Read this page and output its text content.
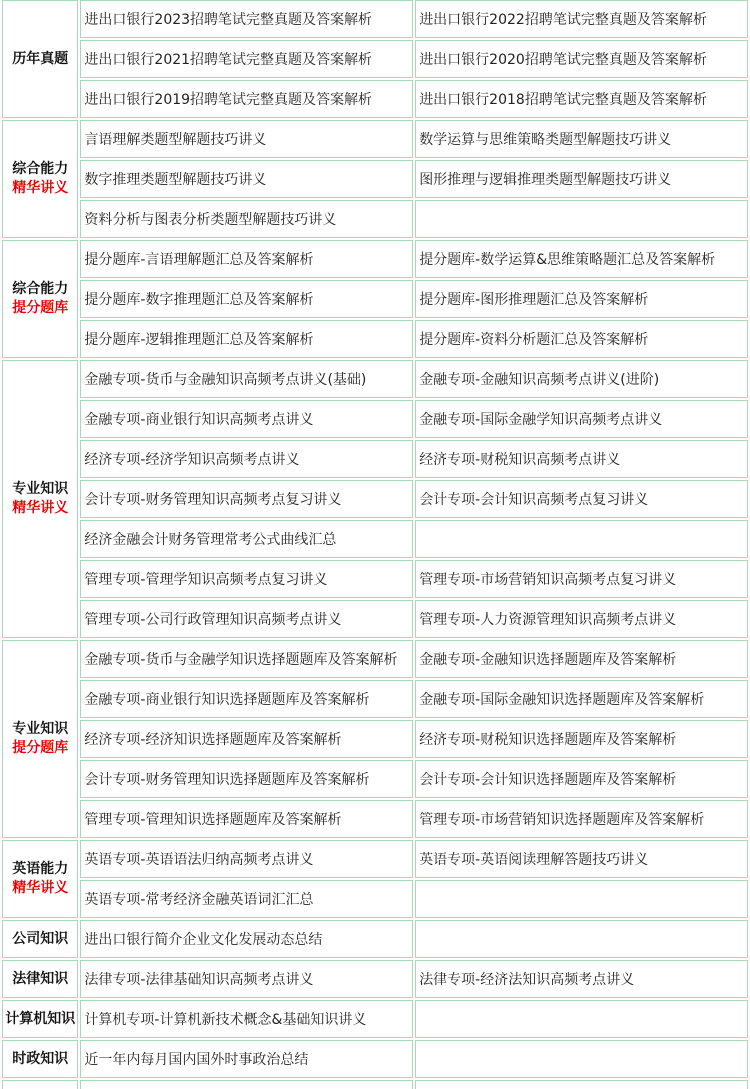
历年真题	进出口银行2023招聘笔试完整真题及答案解析	进出口银行2022招聘笔试完整真题及答案解析
	进出口银行2021招聘笔试完整真题及答案解析	进出口银行2020招聘笔试完整真题及答案解析
	进出口银行2019招聘笔试完整真题及答案解析	进出口银行2018招聘笔试完整真题及答案解析

综合能力
精华讲义	言语理解类题型解题技巧讲义	数学运算与思维策略类题型解题技巧讲义
	数字推理类题型解题技巧讲义	图形推理与逻辑推理类题型解题技巧讲义
	资料分析与图表分析类题型解题技巧讲义	

综合能力
提分题库	提分题库-言语理解题汇总及答案解析	提分题库-数学运算&思维策略题汇总及答案解析
	提分题库-数字推理题汇总及答案解析	提分题库-图形推理题汇总及答案解析
	提分题库-逻辑推理题汇总及答案解析	提分题库-资料分析题汇总及答案解析

专业知识
精华讲义	金融专项-货币与金融知识高频考点讲义(基础)	金融专项-金融知识高频考点讲义(进阶)
	金融专项-商业银行知识高频考点讲义	金融专项-国际金融学知识高频考点讲义
	经济专项-经济学知识高频考点讲义	经济专项-财税知识高频考点讲义
	会计专项-财务管理知识高频考点复习讲义	会计专项-会计知识高频考点复习讲义
	经济金融会计财务管理常考公式曲线汇总	
	管理专项-管理学知识高频考点复习讲义	管理专项-市场营销知识高频考点复习讲义
	管理专项-公司行政管理知识高频考点讲义	管理专项-人力资源管理知识高频考点讲义

专业知识
提分题库	金融专项-货币与金融学知识选择题题库及答案解析	金融专项-金融知识选择题题库及答案解析
	金融专项-商业银行知识选择题题库及答案解析	金融专项-国际金融知识选择题题库及答案解析
	经济专项-经济知识选择题题库及答案解析	经济专项-财税知识选择题题库及答案解析
	会计专项-财务管理知识选择题题库及答案解析	会计专项-会计知识选择题题库及答案解析
	管理专项-管理知识选择题题库及答案解析	管理专项-市场营销知识选择题题库及答案解析

英语能力
精华讲义	英语专项-英语语法归纳高频考点讲义	英语专项-英语阅读理解答题技巧讲义
	英语专项-常考经济金融英语词汇汇总	

公司知识	进出口银行简介企业文化发展动态总结	

法律知识	法律专项-法律基础知识高频考点讲义	法律专项-经济法知识高频考点讲义

计算机知识	计算机专项-计算机新技术概念&基础知识讲义	

时政知识	近一年内每月国内国外时事政治总结	
